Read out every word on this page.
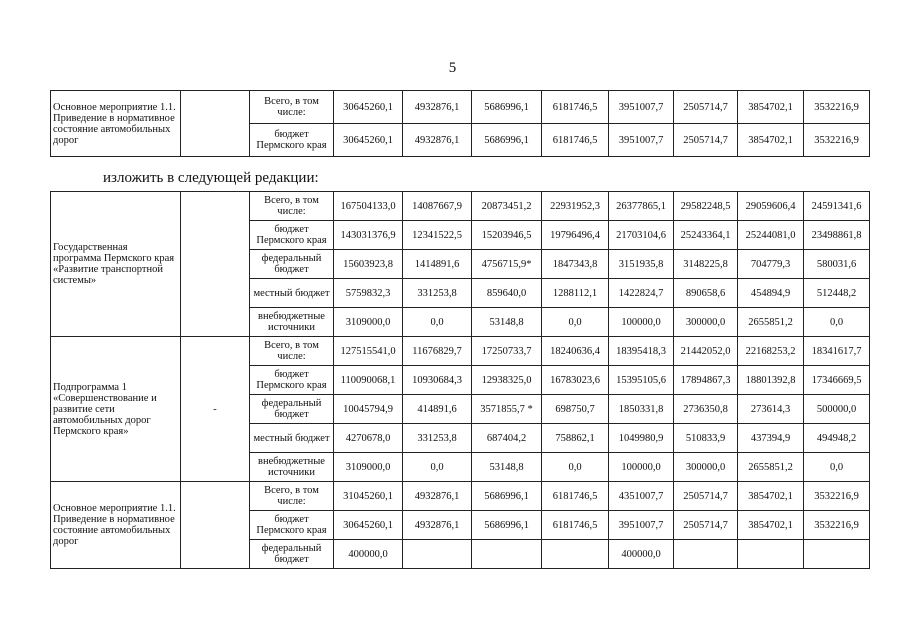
5
Основное мероприятие 1.1. Приведение в нормативное состояние автомобильных дорог		Всего, в том числе:	30645260,1	4932876,1	5686996,1	6181746,5	3951007,7	2505714,7	3854702,1	3532216,9
		бюджет Пермского края	30645260,1	4932876,1	5686996,1	6181746,5	3951007,7	2505714,7	3854702,1	3532216,9
изложить в следующей редакции:
Государственная программа Пермского края «Развитие транспортной системы»		Всего, в том числе:	167504133,0	14087667,9	20873451,2	22931952,3	26377865,1	29582248,5	29059606,4	24591341,6
		бюджет Пермского края	143031376,9	12341522,5	15203946,5	19796496,4	21703104,6	25243364,1	25244081,0	23498861,8
		федеральный бюджет	15603923,8	1414891,6	4756715,9*	1847343,8	3151935,8	3148225,8	704779,3	580031,6
		местный бюджет	5759832,3	331253,8	859640,0	1288112,1	1422824,7	890658,6	454894,9	512448,2
		внебюджетные источники	3109000,0	0,0	53148,8	0,0	100000,0	300000,0	2655851,2	0,0
Подпрограмма 1 «Совершенствование и развитие сети автомобильных дорог Пермского края»	-	Всего, в том числе:	127515541,0	11676829,7	17250733,7	18240636,4	18395418,3	21442052,0	22168253,2	18341617,7
		бюджет Пермского края	110090068,1	10930684,3	12938325,0	16783023,6	15395105,6	17894867,3	18801392,8	17346669,5
		федеральный бюджет	10045794,9	414891,6	3571855,7 *	698750,7	1850331,8	2736350,8	273614,3	500000,0
		местный бюджет	4270678,0	331253,8	687404,2	758862,1	1049980,9	510833,9	437394,9	494948,2
		внебюджетные источники	3109000,0	0,0	53148,8	0,0	100000,0	300000,0	2655851,2	0,0
Основное мероприятие 1.1. Приведение в нормативное состояние автомобильных дорог		Всего, в том числе:	31045260,1	4932876,1	5686996,1	6181746,5	4351007,7	2505714,7	3854702,1	3532216,9
		бюджет Пермского края	30645260,1	4932876,1	5686996,1	6181746,5	3951007,7	2505714,7	3854702,1	3532216,9
		федеральный бюджет	400000,0				400000,0			
